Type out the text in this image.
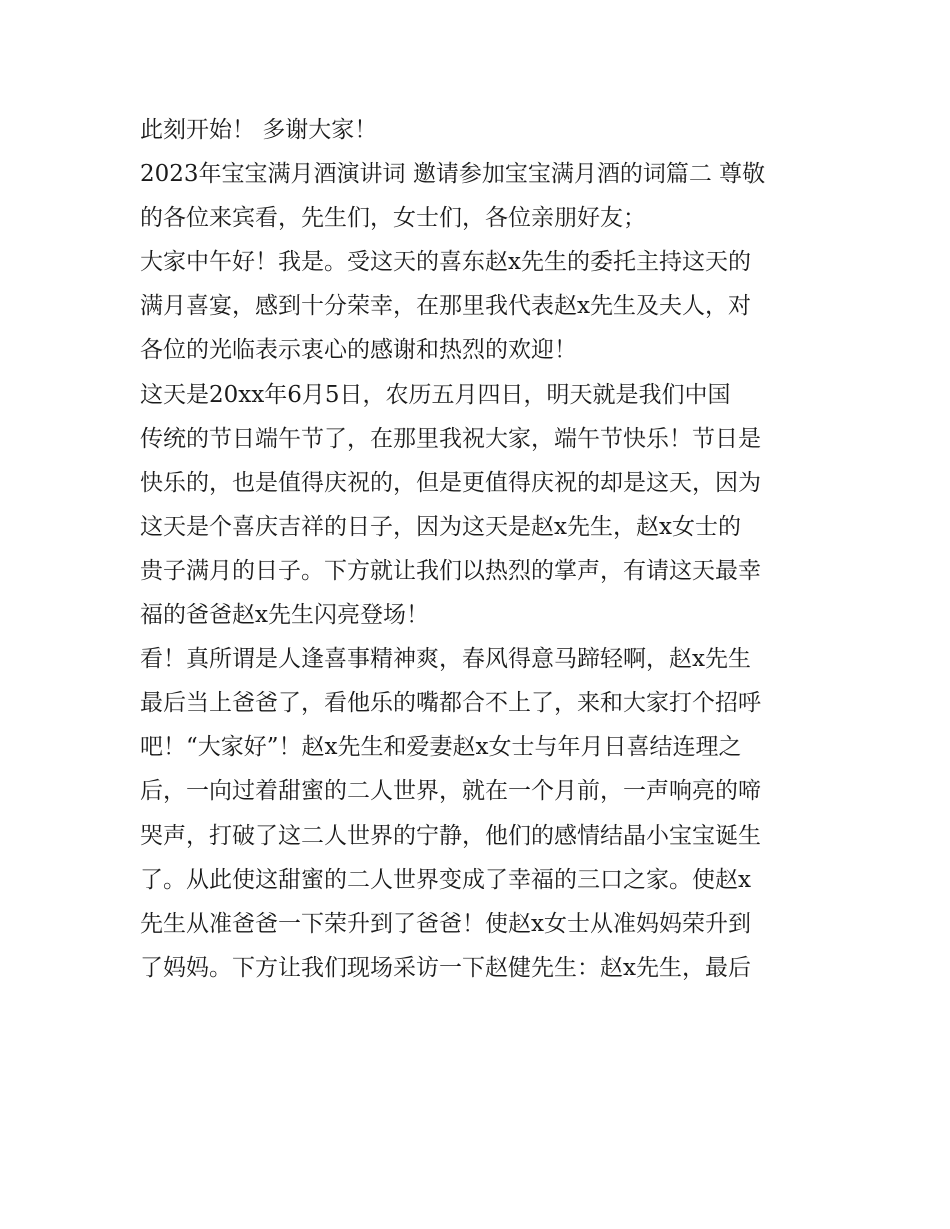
此刻开始！ 多谢大家！
2023年宝宝满月酒演讲词 邀请参加宝宝满月酒的词篇二 尊敬
的各位来宾看，先生们，女士们，各位亲朋好友；
大家中午好！我是。受这天的喜东赵x先生的委托主持这天的
满月喜宴，感到十分荣幸，在那里我代表赵x先生及夫人，对
各位的光临表示衷心的感谢和热烈的欢迎！
这天是20xx年6月5日，农历五月四日，明天就是我们中国
传统的节日端午节了，在那里我祝大家，端午节快乐！节日是
快乐的，也是值得庆祝的，但是更值得庆祝的却是这天，因为
这天是个喜庆吉祥的日子，因为这天是赵x先生，赵x女士的
贵子满月的日子。下方就让我们以热烈的掌声，有请这天最幸
福的爸爸赵x先生闪亮登场！
看！真所谓是人逢喜事精神爽，春风得意马蹄轻啊，赵x先生
最后当上爸爸了，看他乐的嘴都合不上了，来和大家打个招呼
吧！“大家好”！赵x先生和爱妻赵x女士与年月日喜结连理之
后，一向过着甜蜜的二人世界，就在一个月前，一声响亮的啼
哭声，打破了这二人世界的宁静，他们的感情结晶小宝宝诞生
了。从此使这甜蜜的二人世界变成了幸福的三口之家。使赵x
先生从准爸爸一下荣升到了爸爸！使赵x女士从准妈妈荣升到
了妈妈。下方让我们现场采访一下赵健先生：赵x先生，最后
